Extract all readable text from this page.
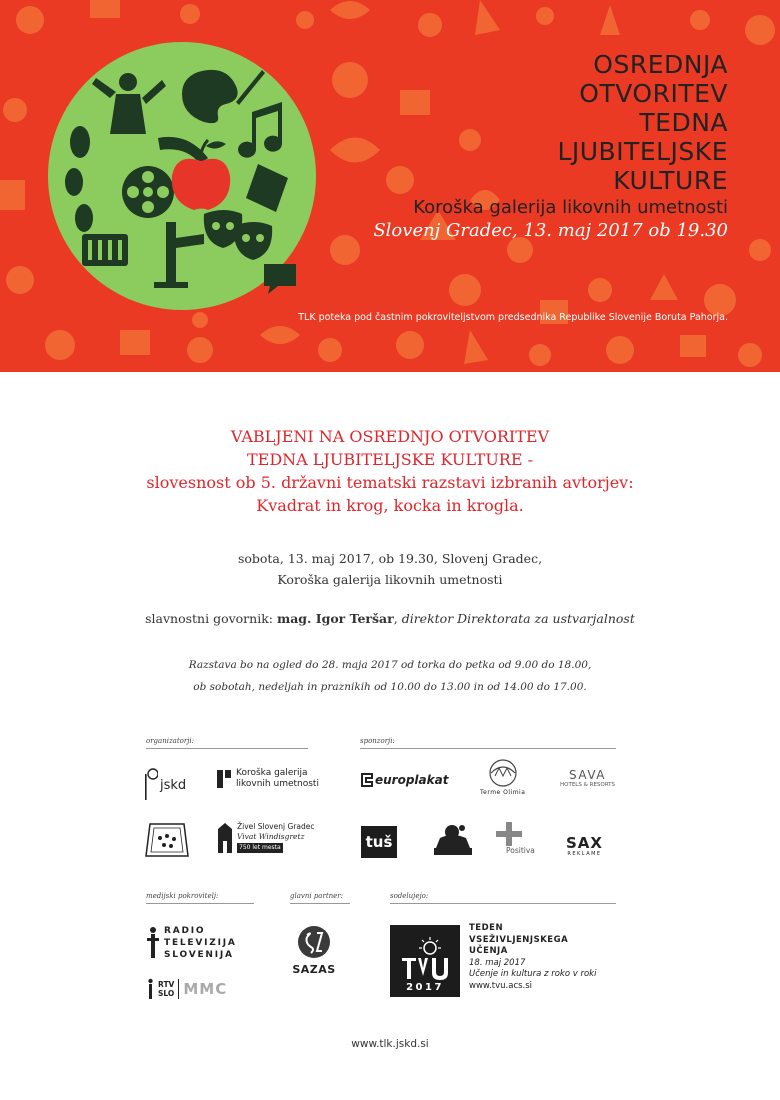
OSREDNJA
OTVORITEV
TEDNA
LJUBITELJSKE
KULTURE
Koroška galerija likovnih umetnosti
Slovenj Gradec, 13. maj 2017 ob 19.30
TLK poteka pod častnim pokroviteljstvom predsednika Republike Slovenije Boruta Pahorja.
VABLJENI NA OSREDNJO OTVORITEV
TEDNA LJUBITELJSKE KULTURE -
slovesnost ob 5. državni tematski razstavi izbranih avtorjev:
Kvadrat in krog, kocka in krogla.
sobota, 13. maj 2017, ob 19.30, Slovenj Gradec,
Koroška galerija likovnih umetnosti
slavnostni govornik: mag. Igor Teršar, direktor Direktorata za ustvarjalnost
Razstava bo na ogled do 28. maja 2017 od torka do petka od 9.00 do 18.00,
ob sobotah, nedeljah in praznikih od 10.00 do 13.00 in od 14.00 do 17.00.
organizatorji:	sponzorji:
jskd
Koroška galerija
likovnih umetnosti
Živel Slovenj Gradec
Vivat Windisgretz
750 let mesta
europlakat
Terme Olimia
SAVA
HOTELS & RESORTS
tuš	Positiva SAX
REKLAME
medijski pokrovitelj:	glavni partner:	sodelujejo:
RADIO
TELEVIZIJA
SLOVENIJA
RTV
SLO MMC
SAZAS
2017
TEDEN
VSEŽIVLJENJSKEGA
UČENJA
18. maj 2017
Učenje in kultura z roko v roki
www.tvu.acs.si
www.tlk.jskd.si
